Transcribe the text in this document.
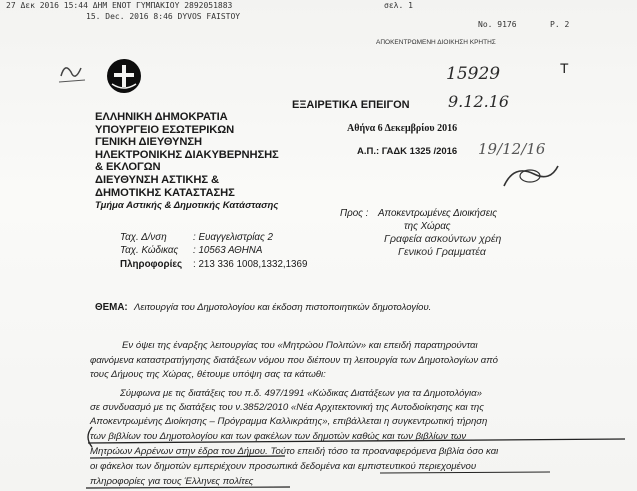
27 Δεκ 2016 15:44 ΔΗΜ ΕΝΟΤ ΓΥΜΠΑΚΙΟΥ 2892051883	σελ. 1
15. Dec. 2016 8:46 DYVOS FAISTOY
No. 9176	P. 2
ΑΠΟΚΕΝΤΡΩΜΕΝΗ ΔΙΟΙΚΗΣΗ ΚΡΗΤΗΣ
15929
9.12.16
T
ΕΛΛΗΝΙΚΗ ΔΗΜΟΚΡΑΤΙΑ
ΥΠΟΥΡΓΕΙΟ ΕΣΩΤΕΡΙΚΩΝ
ΓΕΝΙΚΗ ΔΙΕΥΘΥΝΣΗ
ΗΛΕΚΤΡΟΝΙΚΗΣ ΔΙΑΚΥΒΕΡΝΗΣΗΣ
& ΕΚΛΟΓΩΝ
ΔΙΕΥΘΥΝΣΗ ΑΣΤΙΚΗΣ &
ΔΗΜΟΤΙΚΗΣ ΚΑΤΑΣΤΑΣΗΣ
Τμήμα Αστικής & Δημοτικής Κατάστασης
ΕΞΑΙΡΕΤΙΚΑ ΕΠΕΙΓΟΝ
Αθήνα 6 Δεκεμβρίου 2016
Α.Π.: ΓΑΔΚ 1325 /2016 19/12/16
Ταχ. Δ/νση	: Ευαγγελιστρίας 2
Ταχ. Κώδικας : 10563 ΑΘΗΝΑ
Πληροφορίες : 213 336 1008,1332,1369
Προς : Αποκεντρωμένες Διοικήσεις
της Χώρας
Γραφεία ασκούντων χρέη
Γενικού Γραμματέα
ΘΕΜΑ: Λειτουργία του Δημοτολογίου και έκδοση πιστοποιητικών δημοτολογίου.
Εν όψει της έναρξης λειτουργίας του «Μητρώου Πολιτών» και επειδή παρατηρούνται
φαινόμενα καταστρατήγησης διατάξεων νόμου που διέπουν τη λειτουργία των Δημοτολογίων από
τους Δήμους της Χώρας, θέτουμε υπόψη σας τα κάτωθι:
Σύμφωνα με τις διατάξεις του π.δ. 497/1991 «Κώδικας Διατάξεων για τα Δημοτολόγια»
σε συνδυασμό με τις διατάξεις του ν.3852/2010 «Νέα Αρχιτεκτονική της Αυτοδιοίκησης και της
Αποκεντρωμένης Διοίκησης – Πρόγραμμα Καλλικράτης», επιβάλλεται η συγκεντρωτική τήρηση
των βιβλίων του Δημοτολογίου και των φακέλων των δημοτών καθώς και των βιβλίων των
Μητρώων Αρρένων στην έδρα του Δήμου. Τούτο επειδή τόσο τα προαναφερόμενα βιβλία όσο και
οι φάκελοι των δημοτών εμπεριέχουν προσωπικά δεδομένα και εμπιστευτικού περιεχομένου
πληροφορίες για τους Έλληνες πολίτες
